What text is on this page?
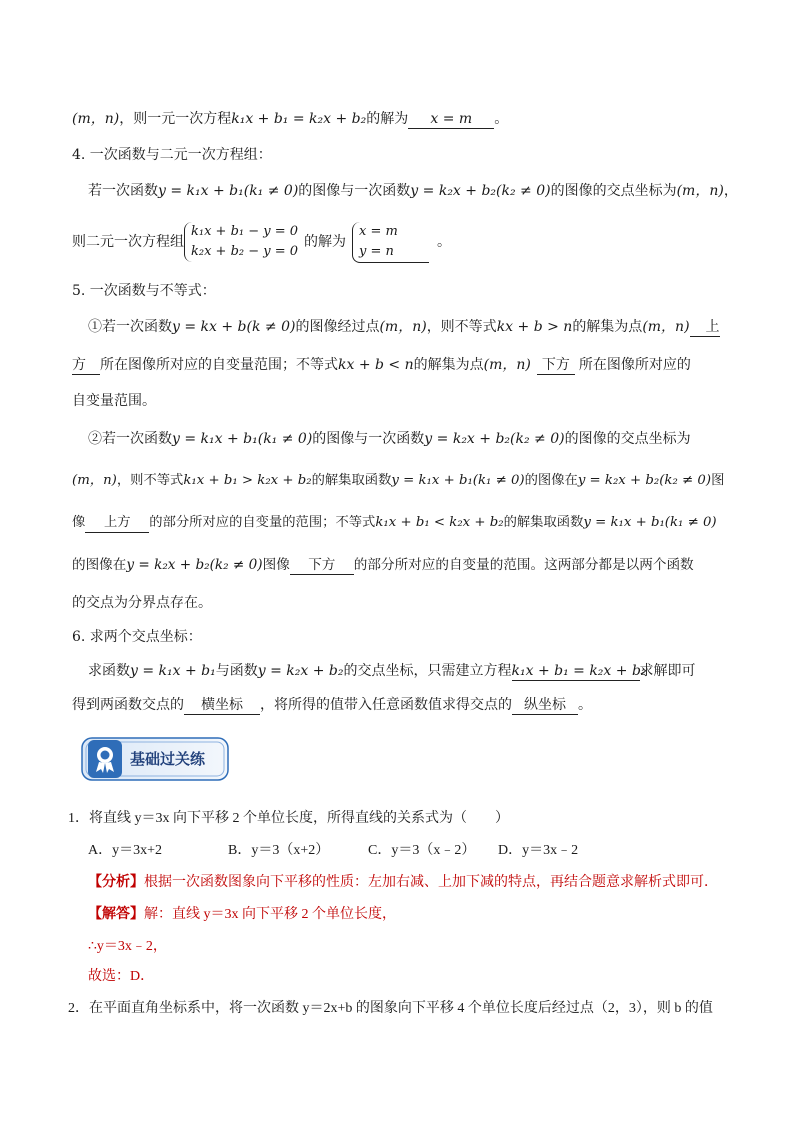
(m，n)，则一元一次方程k₁x + b₁ = k₂x + b₂的解为 x = m 。
4. 一次函数与二元一次方程组：
若一次函数y = k₁x + b₁(k₁ ≠ 0)的图像与一次函数y = k₂x + b₂(k₂ ≠ 0)的图像的交点坐标为(m，n)，
则二元一次方程组k₁x + b₁ − y = 0
k₂x + b₂ − y = 0的解为x = m
y = n。
5. 一次函数与不等式：
①若一次函数y = kx + b(k ≠ 0)的图像经过点(m，n)，则不等式kx + b > n的解集为点(m，n) 上
方 所在图像所对应的自变量范围；不等式kx + b < n的解集为点(m，n) 下方 所在图像所对应的
自变量范围。
②若一次函数y = k₁x + b₁(k₁ ≠ 0)的图像与一次函数y = k₂x + b₂(k₂ ≠ 0)的图像的交点坐标为
(m，n)，则不等式k₁x + b₁ > k₂x + b₂的解集取函数y = k₁x + b₁(k₁ ≠ 0)的图像在y = k₂x + b₂(k₂ ≠ 0)图
像 上方 的部分所对应的自变量的范围；不等式k₁x + b₁ < k₂x + b₂的解集取函数y = k₁x + b₁(k₁ ≠ 0)
的图像在y = k₂x + b₂(k₂ ≠ 0)图像 下方 的部分所对应的自变量的范围。这两部分都是以两个函数
的交点为分界点存在。
6. 求两个交点坐标：
求函数y = k₁x + b₁与函数y = k₂x + b₂的交点坐标，只需建立方程k₁x + b₁ = k₂x + b₂求解即可
得到两函数交点的 横坐标 ，将所得的值带入任意函数值求得交点的 纵坐标 。
基础过关练
1．将直线 y＝3x 向下平移 2 个单位长度，所得直线的关系式为（　　）
A．y＝3x+2	B．y＝3（x+2）	C．y＝3（x﹣2） D．y＝3x﹣2
【分析】根据一次函数图象向下平移的性质：左加右减、上加下减的特点，再结合题意求解析式即可．
【解答】解：直线 y＝3x 向下平移 2 个单位长度，
∴y＝3x﹣2，
故选：D．
2．在平面直角坐标系中，将一次函数 y＝2x+b 的图象向下平移 4 个单位长度后经过点（2，3），则 b 的值
